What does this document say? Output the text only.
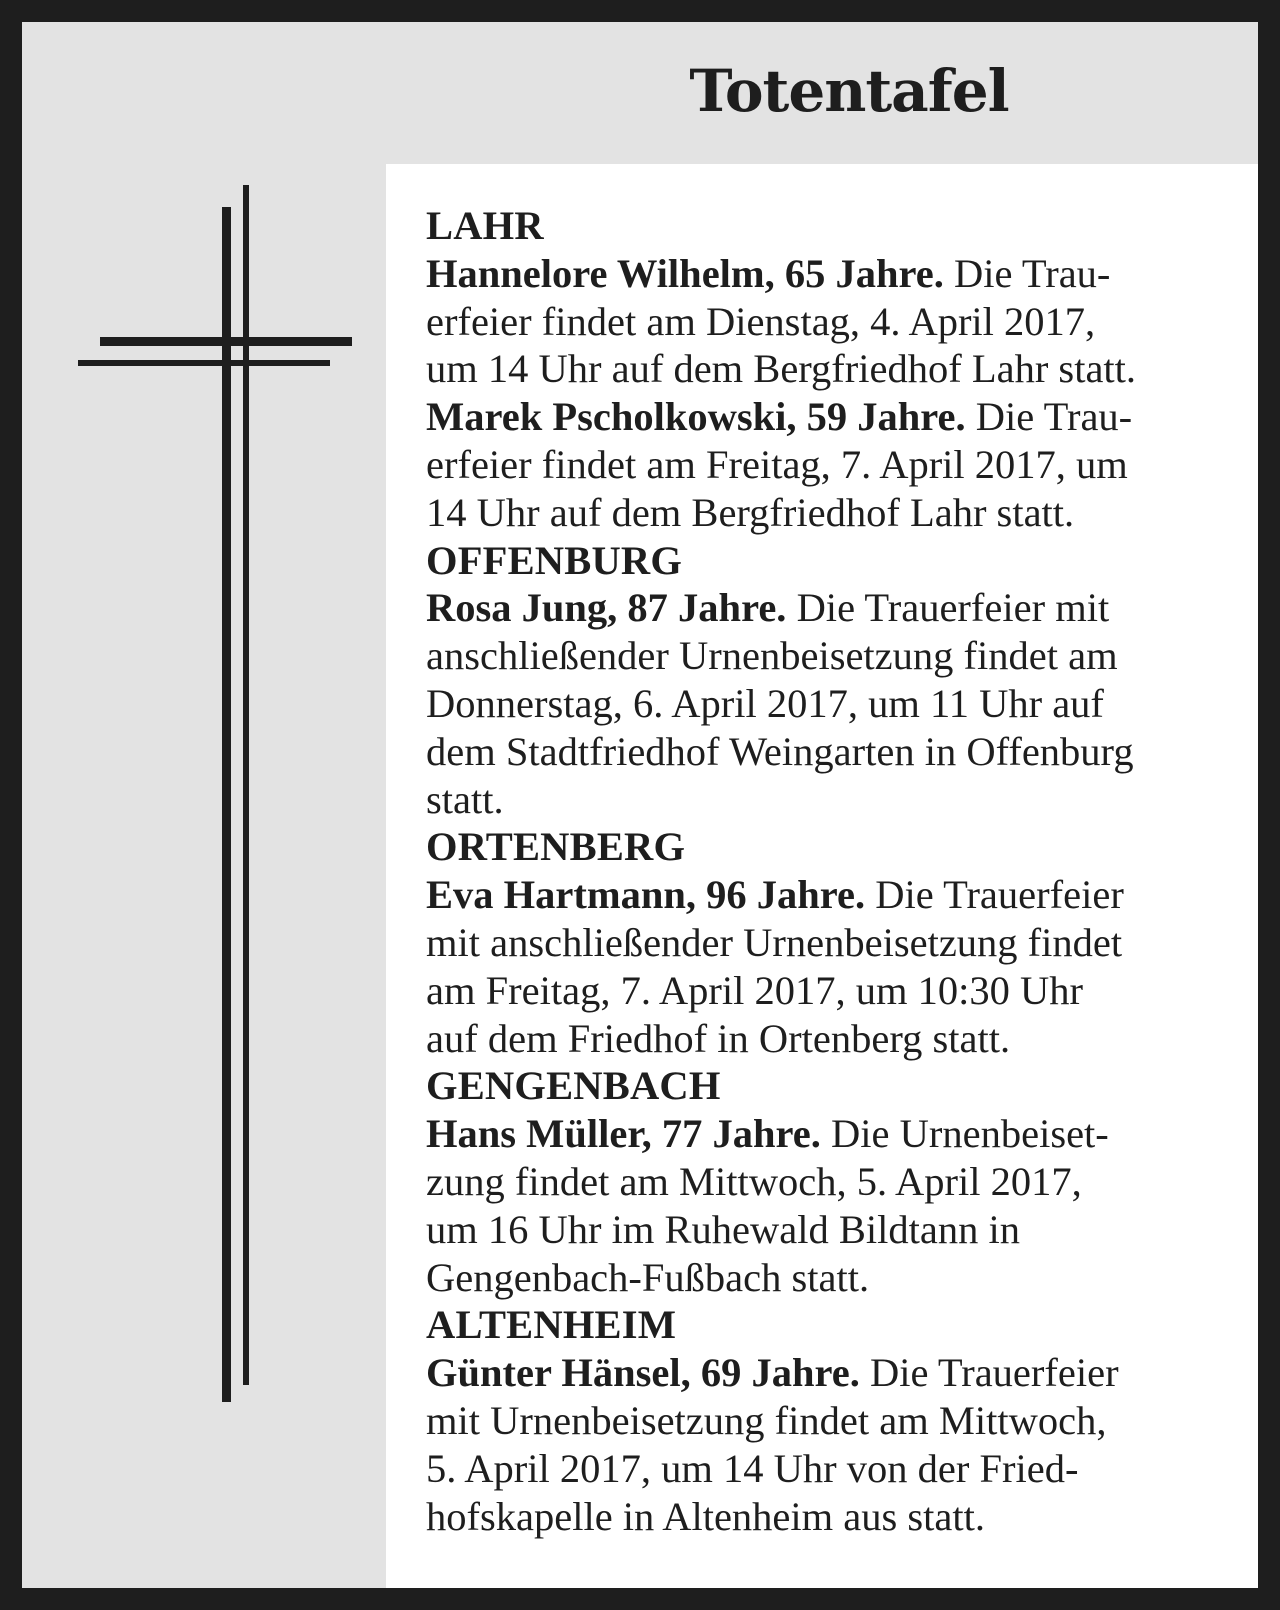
Totentafel
LAHR
Hannelore Wilhelm, 65 Jahre. Die Trau-
erfeier findet am Dienstag, 4. April 2017,
um 14 Uhr auf dem Bergfriedhof Lahr statt.
Marek Pscholkowski, 59 Jahre. Die Trau-
erfeier findet am Freitag, 7. April 2017, um
14 Uhr auf dem Bergfriedhof Lahr statt.
OFFENBURG
Rosa Jung, 87 Jahre. Die Trauerfeier mit
anschließender Urnenbeisetzung findet am
Donnerstag, 6. April 2017, um 11 Uhr auf
dem Stadtfriedhof Weingarten in Offenburg
statt.
ORTENBERG
Eva Hartmann, 96 Jahre. Die Trauerfeier
mit anschließender Urnenbeisetzung findet
am Freitag, 7. April 2017, um 10:30 Uhr
auf dem Friedhof in Ortenberg statt.
GENGENBACH
Hans Müller, 77 Jahre. Die Urnenbeiset-
zung findet am Mittwoch, 5. April 2017,
um 16 Uhr im Ruhewald Bildtann in
Gengenbach-Fußbach statt.
ALTENHEIM
Günter Hänsel, 69 Jahre. Die Trauerfeier
mit Urnenbeisetzung findet am Mittwoch,
5. April 2017, um 14 Uhr von der Fried-
hofskapelle in Altenheim aus statt.
